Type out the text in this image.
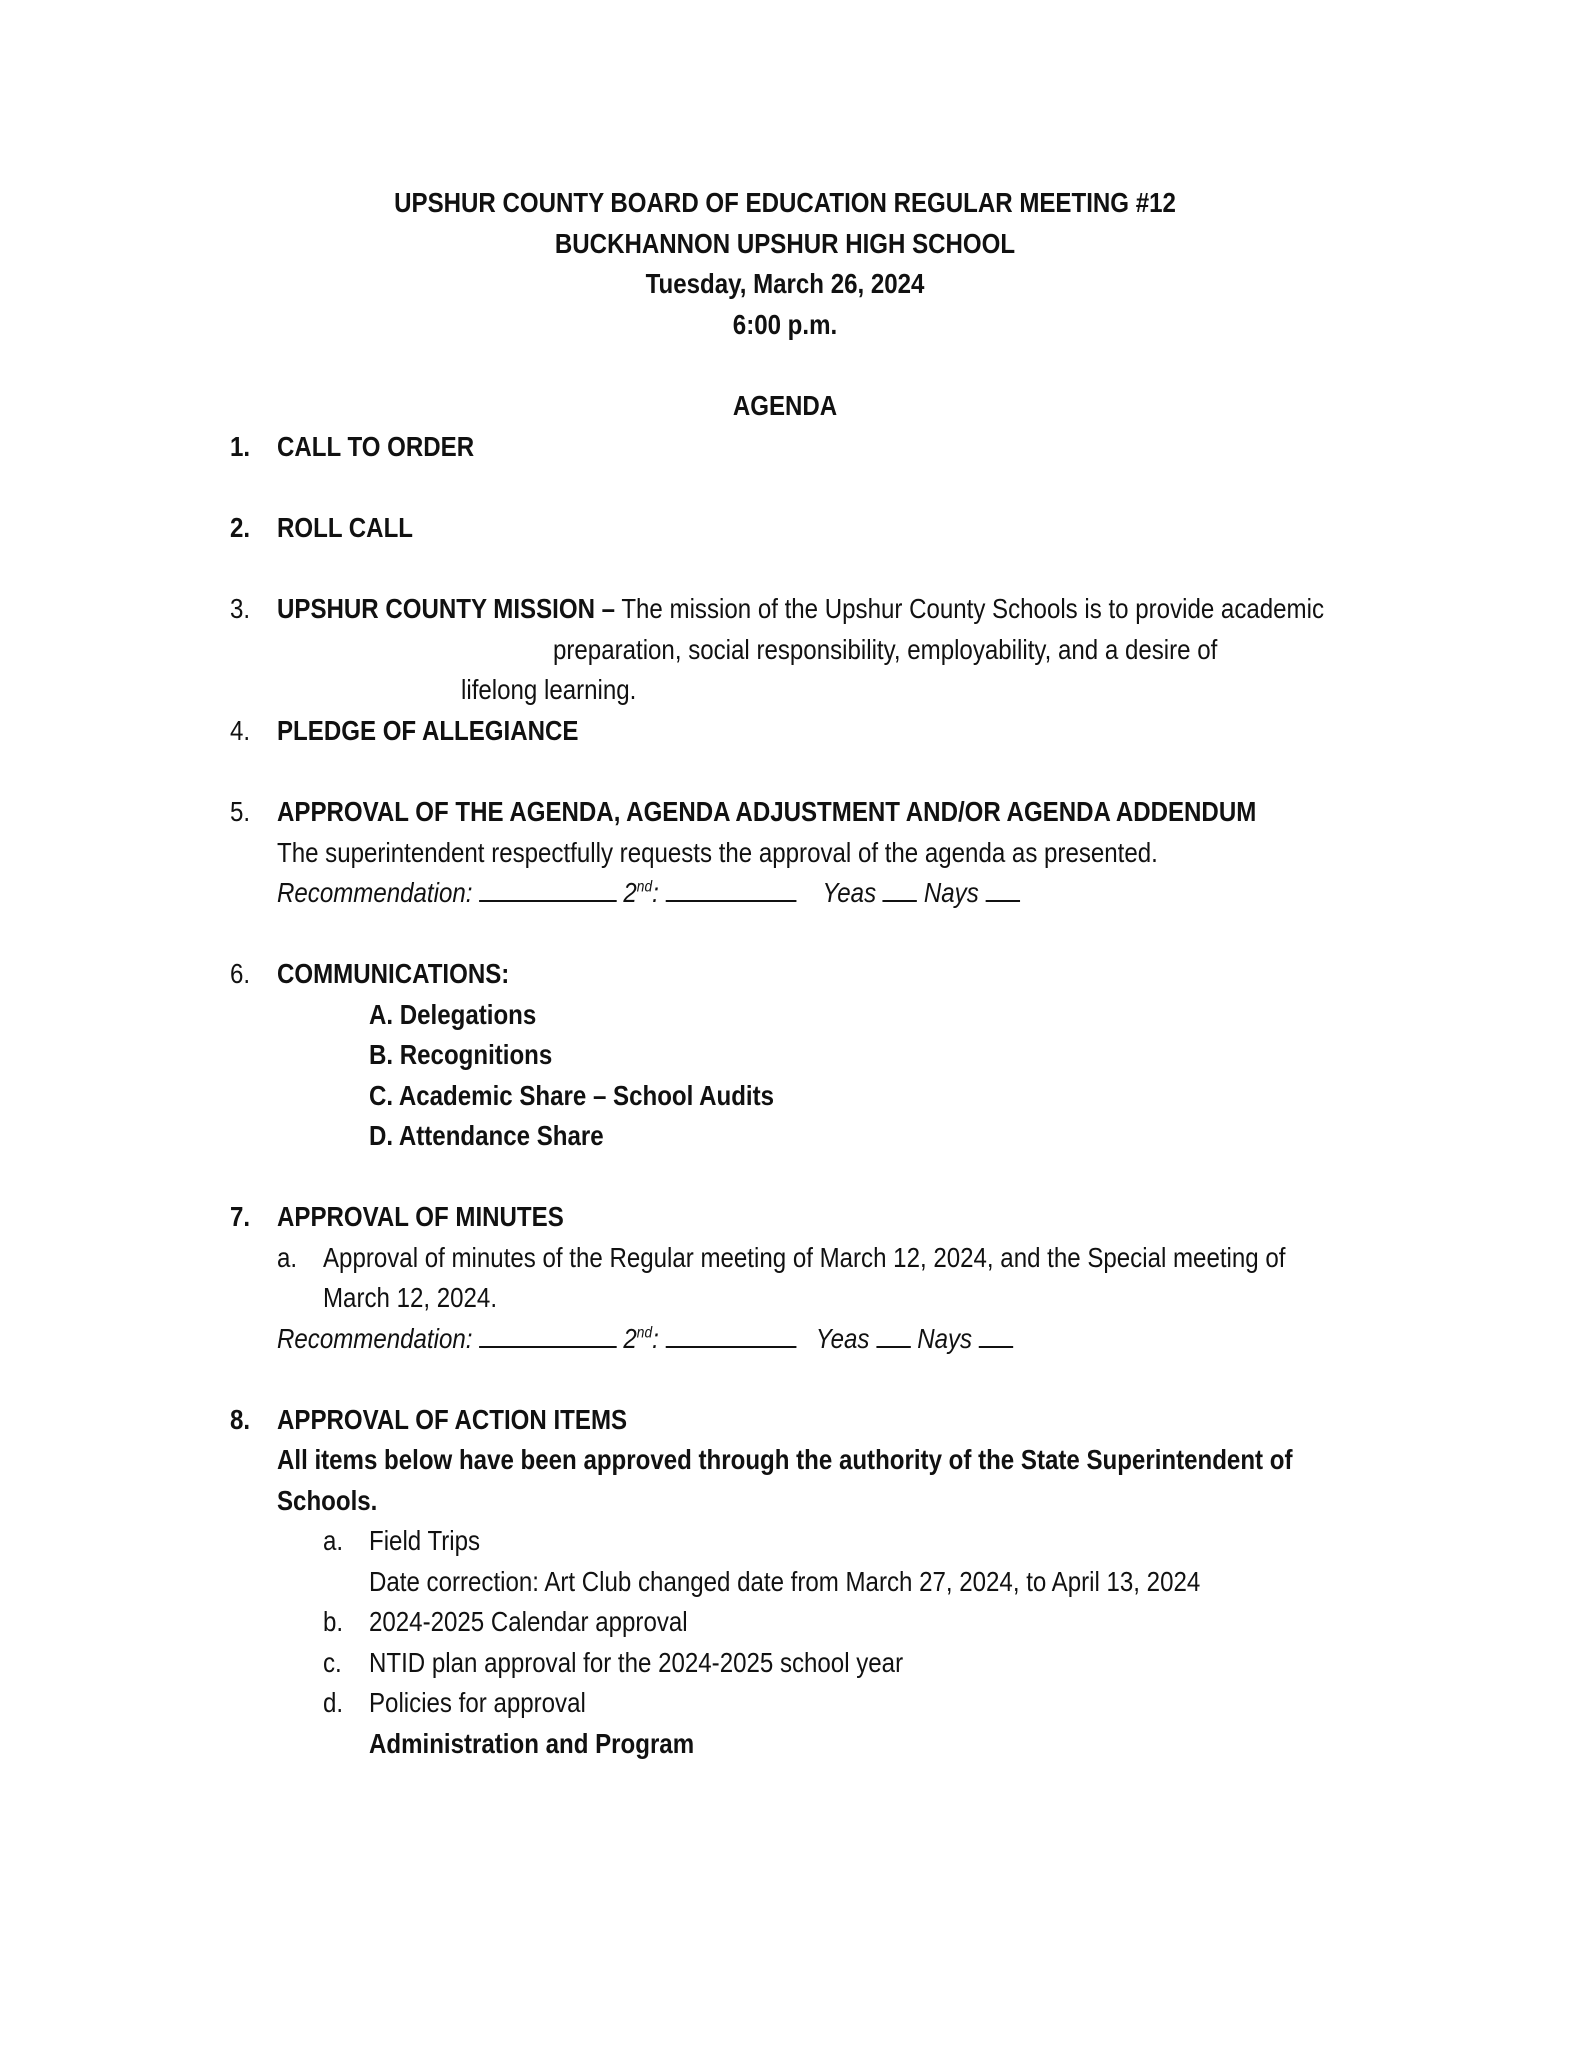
UPSHUR COUNTY BOARD OF EDUCATION REGULAR MEETING #12
BUCKHANNON UPSHUR HIGH SCHOOL
Tuesday, March 26, 2024
6:00 p.m.
AGENDA
1. CALL TO ORDER
2. ROLL CALL
3. UPSHUR COUNTY MISSION – The mission of the Upshur County Schools is to provide academic
preparation, social responsibility, employability, and a desire of
lifelong learning.
4. PLEDGE OF ALLEGIANCE
5. APPROVAL OF THE AGENDA, AGENDA ADJUSTMENT AND/OR AGENDA ADDENDUM
The superintendent respectfully requests the approval of the agenda as presented.
Recommendation:	2nd:	Yeas Nays
6. COMMUNICATIONS:
A. Delegations
B. Recognitions
C. Academic Share – School Audits
D. Attendance Share
7. APPROVAL OF MINUTES
a. Approval of minutes of the Regular meeting of March 12, 2024, and the Special meeting of
March 12, 2024.
Recommendation:	2nd:	Yeas Nays
8. APPROVAL OF ACTION ITEMS
All items below have been approved through the authority of the State Superintendent of
Schools.
a. Field Trips
Date correction: Art Club changed date from March 27, 2024, to April 13, 2024
b. 2024-2025 Calendar approval
c. NTID plan approval for the 2024-2025 school year
d. Policies for approval
Administration and Program
